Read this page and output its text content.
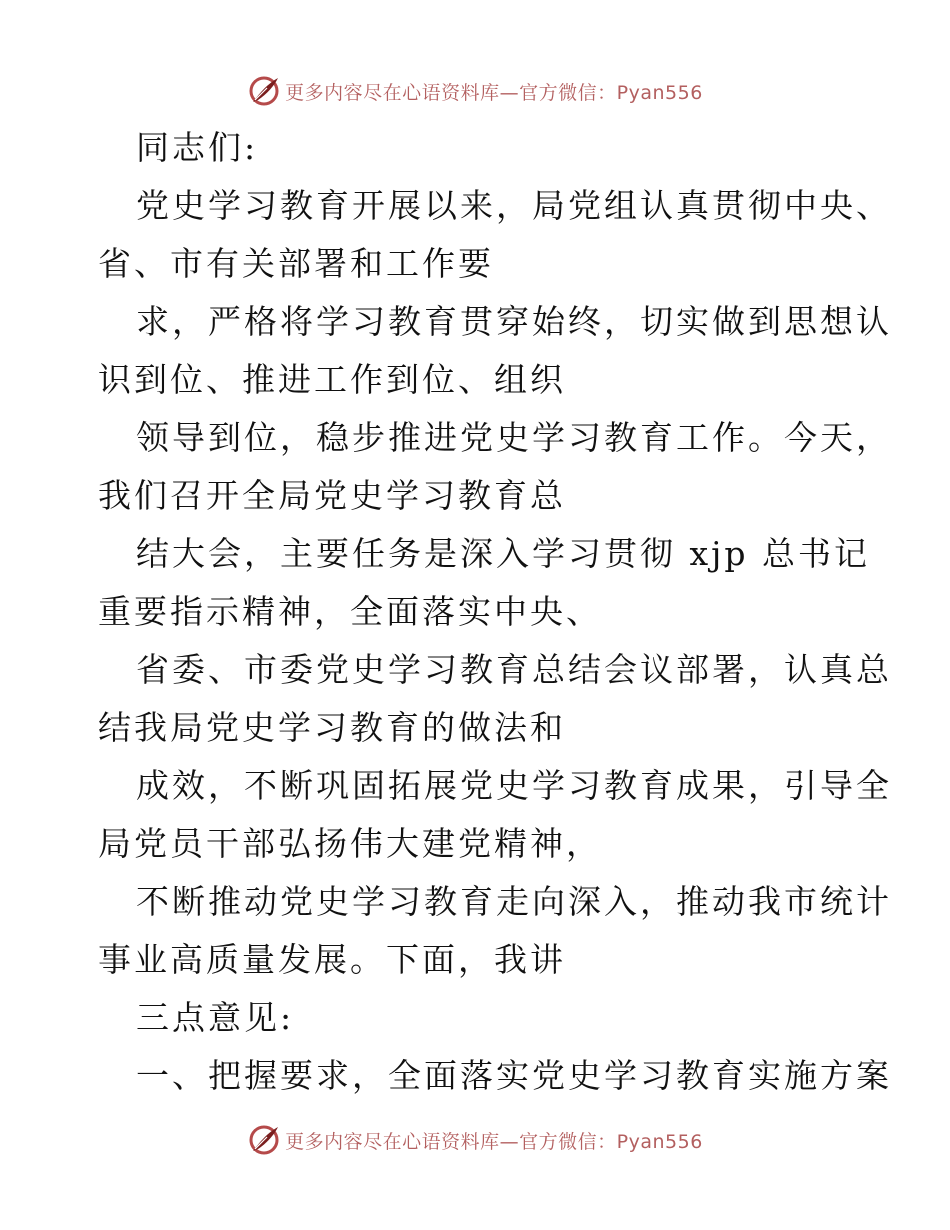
更多内容尽在心语资料库—官方微信：Pyan556
同志们:
党史学习教育开展以来，局党组认真贯彻中央、
省、市有关部署和工作要
求，严格将学习教育贯穿始终，切实做到思想认
识到位、推进工作到位、组织
领导到位，稳步推进党史学习教育工作。今天，
我们召开全局党史学习教育总
结大会，主要任务是深入学习贯彻 xjp 总书记
重要指示精神，全面落实中央、
省委、市委党史学习教育总结会议部署，认真总
结我局党史学习教育的做法和
成效，不断巩固拓展党史学习教育成果，引导全
局党员干部弘扬伟大建党精神，
不断推动党史学习教育走向深入，推动我市统计
事业高质量发展。下面，我讲
三点意见:
一、把握要求，全面落实党史学习教育实施方案
更多内容尽在心语资料库—官方微信：Pyan556
